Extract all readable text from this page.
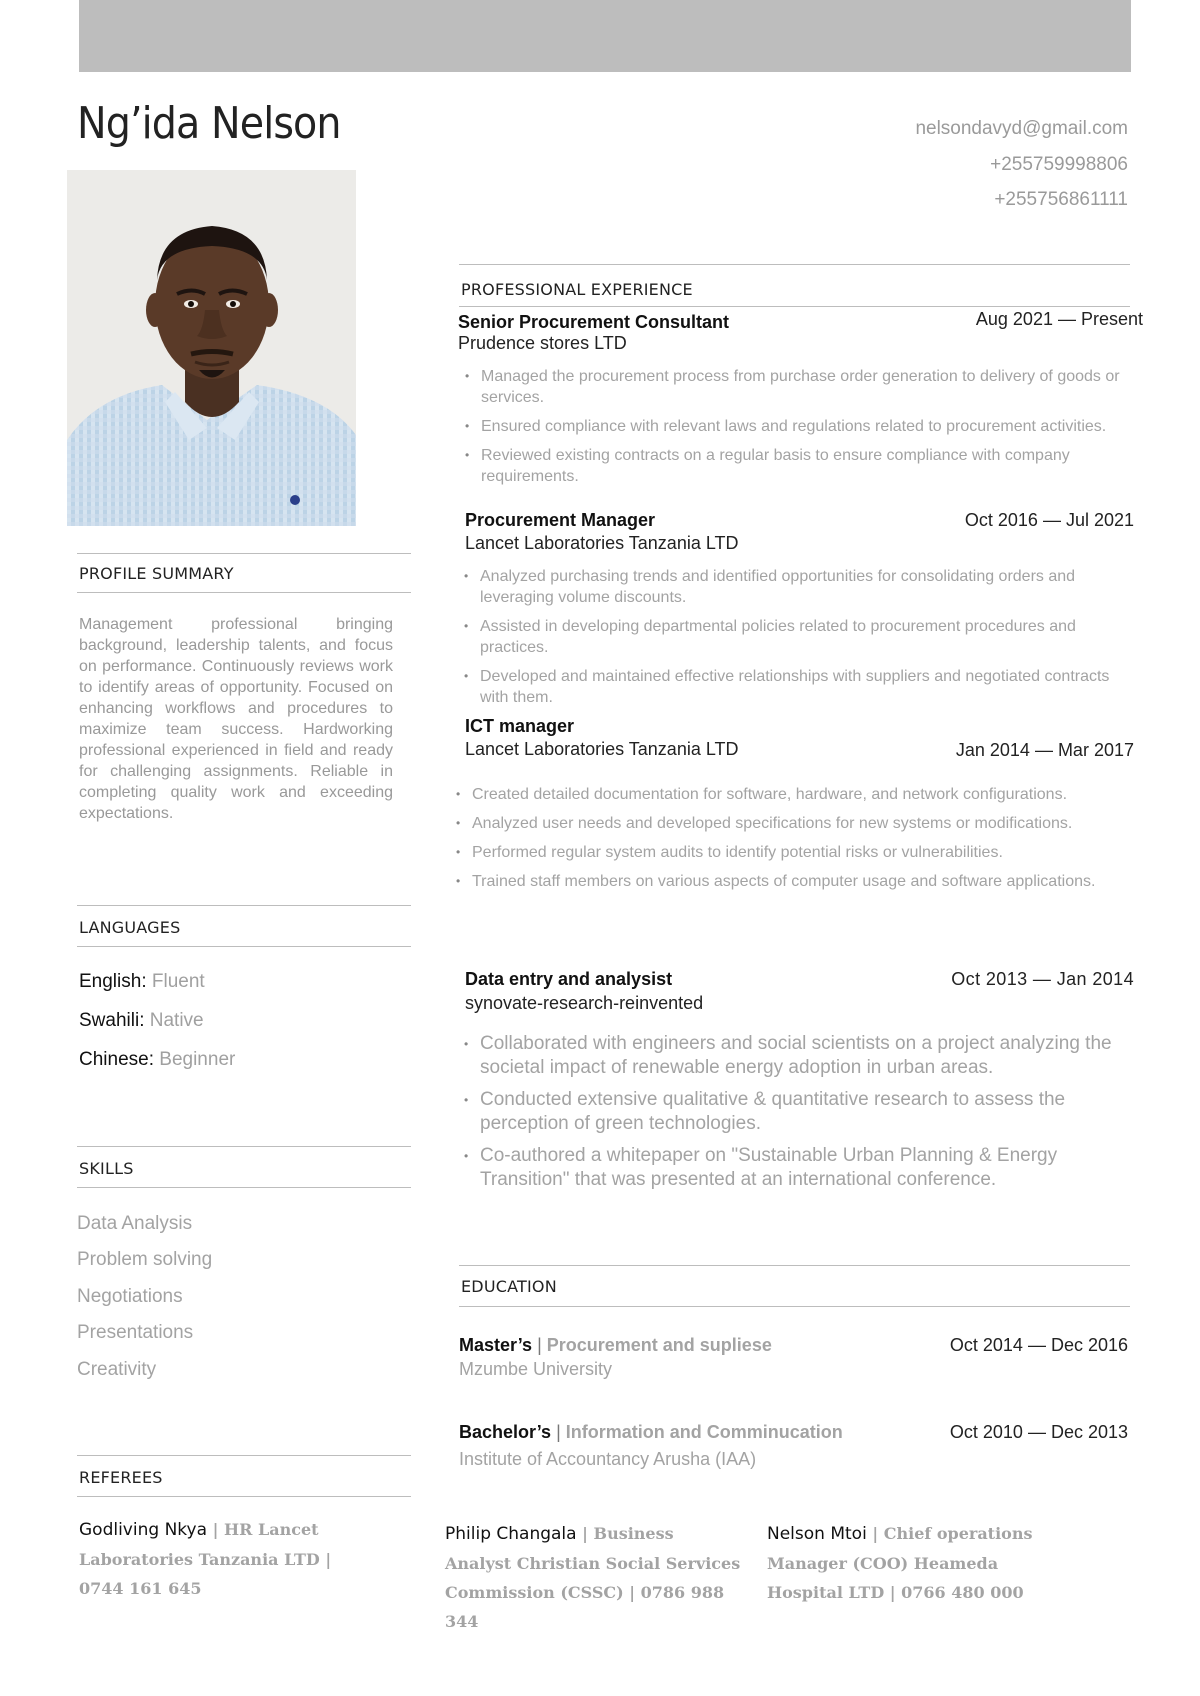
Ng’ida Nelson	nelsondavyd@gmail.com
+255759998806
+255756861111
PROFILE SUMMARY
Management professional bringing background, leadership talents, and focus on performance. Continuously reviews work to identify areas of opportunity. Focused on enhancing workflows and procedures to maximize team success. Hardworking professional experienced in field and ready for challenging assignments. Reliable in completing quality work and exceeding expectations.
LANGUAGES
English: Fluent
Swahili: Native
Chinese: Beginner
SKILLS
Data Analysis
Problem solving
Negotiations
Presentations
Creativity
REFEREES
PROFESSIONAL EXPERIENCE
Senior Procurement Consultant	Aug 2021 — Present
Prudence stores LTD
• Managed the procurement process from purchase order generation to delivery of goods or services.
• Ensured compliance with relevant laws and regulations related to procurement activities.
• Reviewed existing contracts on a regular basis to ensure compliance with company requirements.
Procurement Manager	Oct 2016 — Jul 2021
Lancet Laboratories Tanzania LTD
• Analyzed purchasing trends and identified opportunities for consolidating orders and leveraging volume discounts.
• Assisted in developing departmental policies related to procurement procedures and practices.
• Developed and maintained effective relationships with suppliers and negotiated contracts with them.
ICT manager
Lancet Laboratories Tanzania LTD	Jan 2014 — Mar 2017
• Created detailed documentation for software, hardware, and network configurations.
• Analyzed user needs and developed specifications for new systems or modifications.
• Performed regular system audits to identify potential risks or vulnerabilities.
• Trained staff members on various aspects of computer usage and software applications.
Data entry and analysist	Oct 2013 — Jan 2014
synovate-research-reinvented
• Collaborated with engineers and social scientists on a project analyzing the societal impact of renewable energy adoption in urban areas.
• Conducted extensive qualitative & quantitative research to assess the perception of green technologies.
• Co-authored a whitepaper on "Sustainable Urban Planning & Energy Transition" that was presented at an international conference.
EDUCATION
Master’s | Procurement and supliese	Oct 2014 — Dec 2016
Mzumbe University
Bachelor’s | Information and Comminucation	Oct 2010 — Dec 2013
Institute of Accountancy Arusha (IAA)
Godliving Nkya | HR Lancet Laboratories Tanzania LTD | 0744 161 645
Philip Changala | Business Analyst Christian Social Services Commission (CSSC) | 0786 988 344
Nelson Mtoi | Chief operations Manager (COO) Heameda Hospital LTD | 0766 480 000
